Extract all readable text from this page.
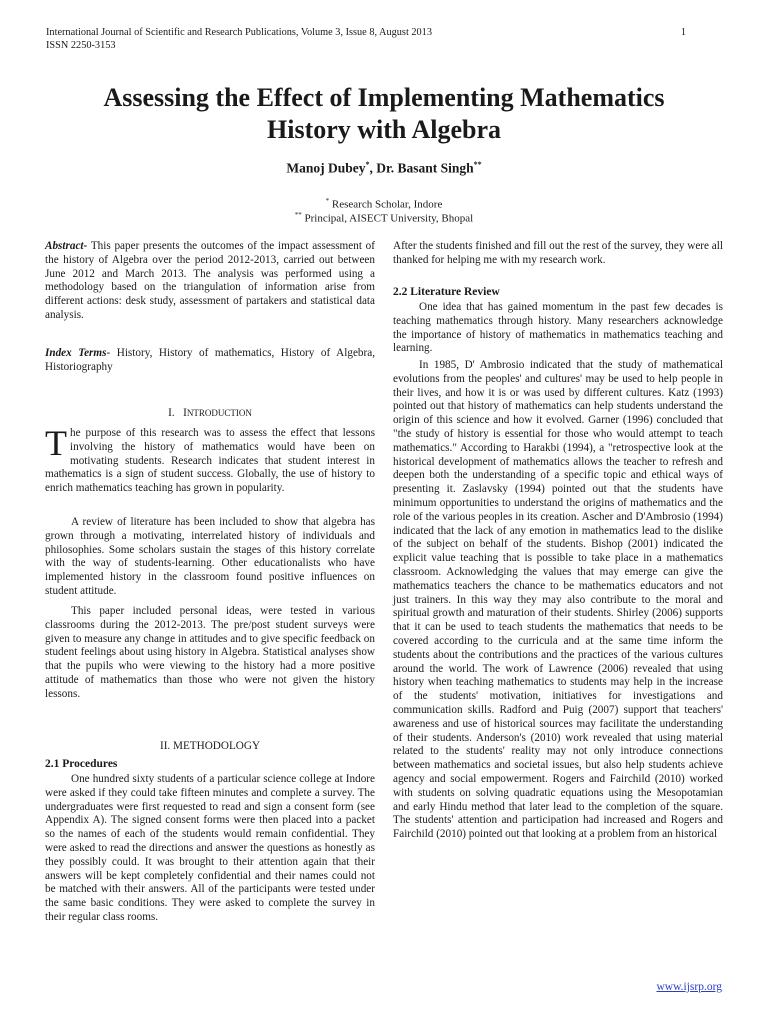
International Journal of Scientific and Research Publications, Volume 3, Issue 8, August 2013
ISSN 2250-3153
1
Assessing the Effect of Implementing Mathematics
History with Algebra
Manoj Dubey*, Dr. Basant Singh**
* Research Scholar, Indore
** Principal, AISECT University, Bhopal

Abstract- This paper presents the outcomes of the impact assessment of the history of Algebra over the period 2012-2013, carried out between June 2012 and March 2013. The analysis was performed using a methodology based on the triangulation of information arise from different actions: desk study, assessment of partakers and statistical data analysis.

Index Terms- History, History of mathematics, History of Algebra, Historiography

I. INTRODUCTION

The purpose of this research was to assess the effect that lessons involving the history of mathematics would have been on motivating students. Research indicates that student interest in mathematics is a sign of student success. Globally, the use of history to enrich mathematics teaching has grown in popularity.

A review of literature has been included to show that algebra has grown through a motivating, interrelated history of individuals and philosophies. Some scholars sustain the stages of this history correlate with the way of students-learning. Other educationalists who have implemented history in the classroom found positive influences on student attitude.

This paper included personal ideas, were tested in various classrooms during the 2012-2013. The pre/post student surveys were given to measure any change in attitudes and to give specific feedback on student feelings about using history in Algebra. Statistical analyses show that the pupils who were viewing to the history had a more positive attitude of mathematics than those who were not given the history lessons.

II. METHODOLOGY
2.1 Procedures

One hundred sixty students of a particular science college at Indore were asked if they could take fifteen minutes and complete a survey. The undergraduates were first requested to read and sign a consent form (see Appendix A). The signed consent forms were then placed into a packet so the names of each of the students would remain confidential. They were asked to read the directions and answer the questions as honestly as they possibly could. It was brought to their attention again that their answers will be kept completely confidential and their names could not be matched with their answers. All of the participants were tested under the same basic conditions. They were asked to complete the survey in their regular class rooms.

After the students finished and fill out the rest of the survey, they were all thanked for helping me with my research work.

2.2 Literature Review

One idea that has gained momentum in the past few decades is teaching mathematics through history. Many researchers acknowledge the importance of history of mathematics in mathematics teaching and learning.

In 1985, D' Ambrosio indicated that the study of mathematical evolutions from the peoples' and cultures' may be used to help people in their lives, and how it is or was used by different cultures. Katz (1993) pointed out that history of mathematics can help students understand the origin of this science and how it evolved. Garner (1996) concluded that "the study of history is essential for those who would attempt to teach mathematics." According to Harakbi (1994), a "retrospective look at the historical development of mathematics allows the teacher to refresh and deepen both the understanding of a specific topic and ethical ways of presenting it. Zaslavsky (1994) pointed out that the students have minimum opportunities to understand the origins of mathematics and the role of the various peoples in its creation. Ascher and D'Ambrosio (1994) indicated that the lack of any emotion in mathematics lead to the dislike of the subject on behalf of the students. Bishop (2001) indicated the explicit value teaching that is possible to take place in a mathematics classroom. Acknowledging the values that may emerge can give the mathematics teachers the chance to be mathematics educators and not just trainers. In this way they may also contribute to the moral and spiritual growth and maturation of their students. Shirley (2006) supports that it can be used to teach students the mathematics that needs to be covered according to the curricula and at the same time inform the students about the contributions and the practices of the various cultures around the world. The work of Lawrence (2006) revealed that using history when teaching mathematics to students may help in the increase of the students' motivation, initiatives for investigations and communication skills. Radford and Puig (2007) support that teachers' awareness and use of historical sources may facilitate the understanding of their students. Anderson's (2010) work revealed that using material related to the students' reality may not only introduce connections between mathematics and societal issues, but also help students achieve agency and social empowerment. Rogers and Fairchild (2010) worked with students on solving quadratic equations using the Mesopotamian and early Hindu method that later lead to the completion of the square. The students' attention and participation had increased and Rogers and Fairchild (2010) pointed out that looking at a problem from an historical

www.ijsrp.org
